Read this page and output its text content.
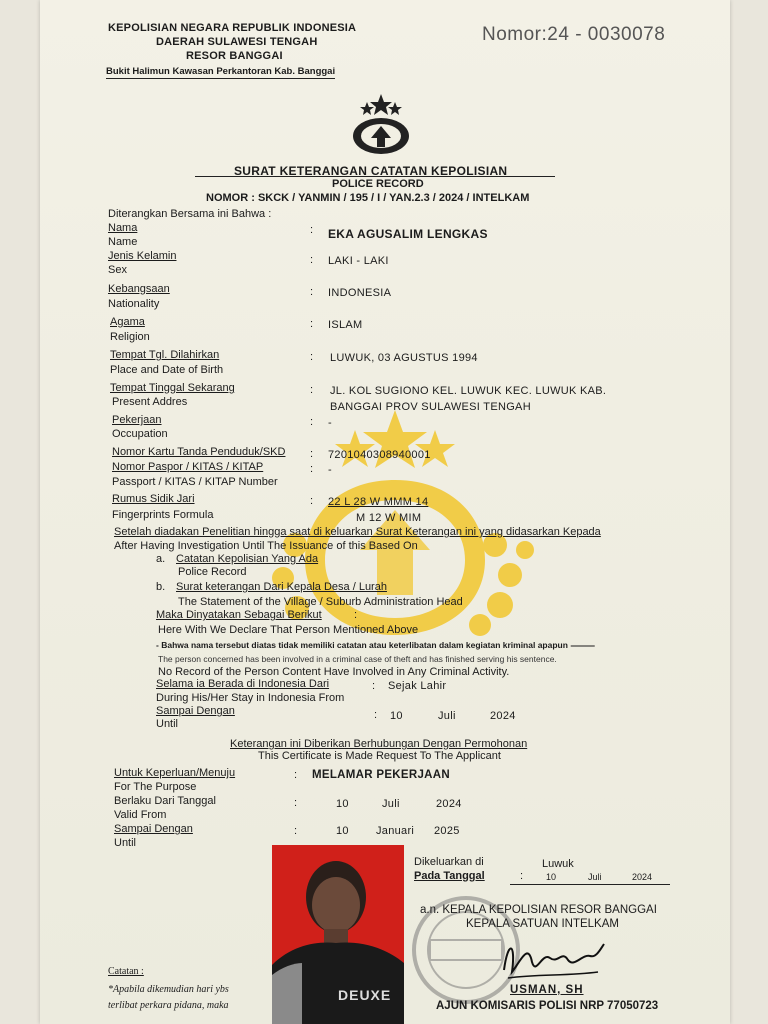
KEPOLISIAN NEGARA REPUBLIK INDONESIA
DAERAH SULAWESI TENGAH
RESOR BANGGAI
Bukit Halimun Kawasan Perkantoran Kab. Banggai
Nomor:24 - 0030078
SURAT KETERANGAN CATATAN KEPOLISIAN
POLICE RECORD
NOMOR : SKCK / YANMIN / 195 / I / YAN.2.3 / 2024 / INTELKAM
Diterangkan Bersama ini Bahwa :
Nama
Name
: EKA AGUSALIM LENGKAS
Jenis Kelamin
Sex
: LAKI - LAKI
Kebangsaan
Nationality
: INDONESIA
Agama
Religion
: ISLAM
Tempat Tgl. Dilahirkan
Place and Date of Birth
: LUWUK, 03 AGUSTUS 1994
Tempat Tinggal Sekarang
Present Addres
: JL. KOL SUGIONO KEL. LUWUK KEC. LUWUK KAB.
BANGGAI PROV SULAWESI TENGAH
Pekerjaan
Occupation
: -
Nomor Kartu Tanda Penduduk/SKD : 7201040308940001
Nomor Paspor / KITAS / KITAP
Passport / KITAS / KITAP Number
: -
Rumus Sidik Jari
Fingerprints Formula
: 22 L 28 W MMM 14
M 12 W MIM
Setelah diadakan Penelitian hingga saat di keluarkan Surat Keterangan ini yang didasarkan Kepada
After Having Investigation Until The Issuance of this Based On
a. Catatan Kepolisian Yang Ada
Police Record
b. Surat keterangan Dari Kepala Desa / Lurah
The Statement of the Village / Suburb Administration Head
Maka Dinyatakan Sebagai Berikut	:
Here With We Declare That Person Mentioned Above
- Bahwa nama tersebut diatas tidak memiliki catatan atau keterlibatan dalam kegiatan kriminal apapun -------------
The person concerned has been involved in a criminal case of theft and has finished serving his sentence.
No Record of the Person Content Have Involved in Any Criminal Activity.
Selama ia Berada di Indonesia Dari	: Sejak Lahir
During His/Her Stay in Indonesia From
Sampai Dengan
Until
: 10	Juli	2024
Keterangan ini Diberikan Berhubungan Dengan Permohonan
This Certificate is Made Request To The Applicant
Untuk Keperluan/Menuju	: MELAMAR PEKERJAAN
For The Purpose
Berlaku Dari Tanggal	:	10	Juli	2024
Valid From
Sampai Dengan	:	10 Januari 2025
Until
DEUXE
Dikeluarkan di	Luwuk
Pada Tanggal	:	10	Juli	2024
a.n. KEPALA KEPOLISIAN RESOR BANGGAI
KEPALA SATUAN INTELKAM
USMAN, SH
AJUN KOMISARIS POLISI NRP 77050723
Catatan :
*Apabila dikemudian hari ybs
terlibat perkara pidana, maka
